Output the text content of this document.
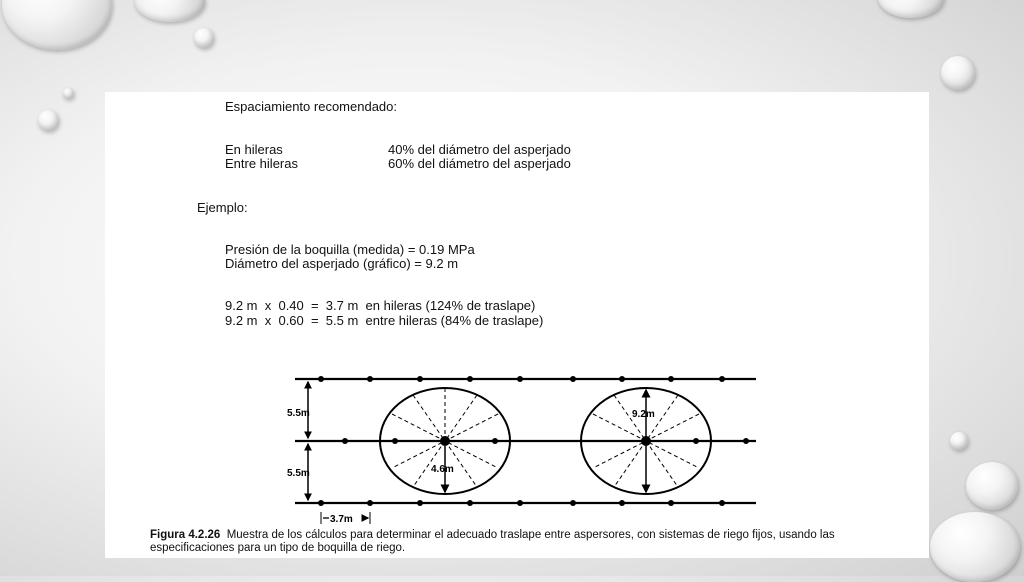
Espaciamiento recomendado:
En hileras	40% del diámetro del asperjado
Entre hileras	60% del diámetro del asperjado
Ejemplo:
Presión de la boquilla (medida) = 0.19 MPa
Diámetro del asperjado (gráfico) = 9.2 m
9.2 m  x  0.40  =  3.7 m  en hileras (124% de traslape)
9.2 m  x  0.60  =  5.5 m  entre hileras (84% de traslape)
5.5m
5.5m
9.2m
4.6m
3.7m
Figura 4.2.26 Muestra de los cálculos para determinar el adecuado traslape entre aspersores, con sistemas de riego fijos, usando las especificaciones para un tipo de boquilla de riego.
